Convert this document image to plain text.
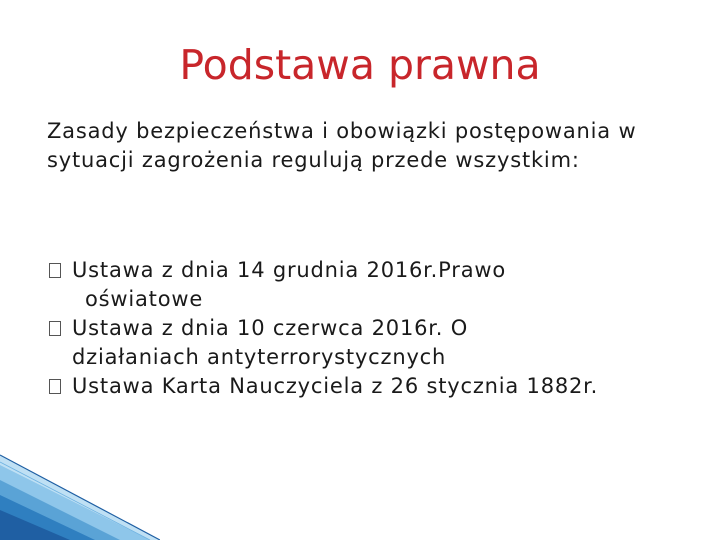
Podstawa prawna
Zasady bezpieczeństwa i obowiązki postępowania w sytuacji zagrożenia regulują przede wszystkim:
Ustawa z dnia 14 grudnia 2016r.Prawo
oświatowe
Ustawa z dnia 10 czerwca 2016r. O
działaniach antyterrorystycznych
Ustawa Karta Nauczyciela z 26 stycznia 1882r.
